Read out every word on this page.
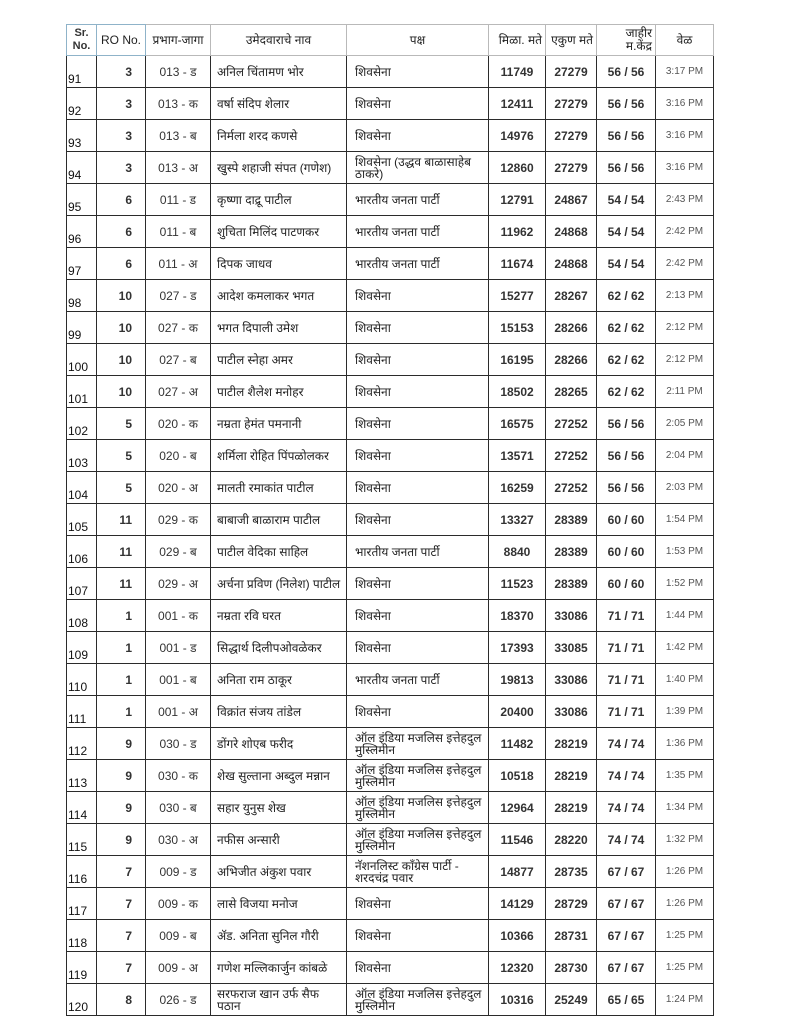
Sr. No.	RO No.	प्रभाग-जागा	उमेदवाराचे नाव	पक्ष	मिळा. मते	एकुण मते	जाहीर म.केंद्र	वेळ
91	3	013 - ड	अनिल चिंतामण भोर	शिवसेना	11749	27279	56 / 56	3:17 PM
92	3	013 - क	वर्षा संदिप शेलार	शिवसेना	12411	27279	56 / 56	3:16 PM
93	3	013 - ब	निर्मला शरद कणसे	शिवसेना	14976	27279	56 / 56	3:16 PM
94	3	013 - अ	खुस्पे शहाजी संपत (गणेश)	शिवसेना (उद्धव बाळासाहेब ठाकरे)	12860	27279	56 / 56	3:16 PM
95	6	011 - ड	कृष्णा दाद्रू पाटील	भारतीय जनता पार्टी	12791	24867	54 / 54	2:43 PM
96	6	011 - ब	शुचिता मिलिंद पाटणकर	भारतीय जनता पार्टी	11962	24868	54 / 54	2:42 PM
97	6	011 - अ	दिपक जाधव	भारतीय जनता पार्टी	11674	24868	54 / 54	2:42 PM
98	10	027 - ड	आदेश कमलाकर भगत	शिवसेना	15277	28267	62 / 62	2:13 PM
99	10	027 - क	भगत दिपाली उमेश	शिवसेना	15153	28266	62 / 62	2:12 PM
100	10	027 - ब	पाटील स्नेहा अमर	शिवसेना	16195	28266	62 / 62	2:12 PM
101	10	027 - अ	पाटील शैलेश मनोहर	शिवसेना	18502	28265	62 / 62	2:11 PM
102	5	020 - क	नम्रता हेमंत पमनानी	शिवसेना	16575	27252	56 / 56	2:05 PM
103	5	020 - ब	शर्मिला रोहित पिंपळोलकर	शिवसेना	13571	27252	56 / 56	2:04 PM
104	5	020 - अ	मालती रमाकांत पाटील	शिवसेना	16259	27252	56 / 56	2:03 PM
105	11	029 - क	बाबाजी बाळाराम पाटील	शिवसेना	13327	28389	60 / 60	1:54 PM
106	11	029 - ब	पाटील वेदिका साहिल	भारतीय जनता पार्टी	8840	28389	60 / 60	1:53 PM
107	11	029 - अ	अर्चना प्रविण (निलेश) पाटील	शिवसेना	11523	28389	60 / 60	1:52 PM
108	1	001 - क	नम्रता रवि घरत	शिवसेना	18370	33086	71 / 71	1:44 PM
109	1	001 - ड	सिद्धार्थ दिलीपओवळेकर	शिवसेना	17393	33085	71 / 71	1:42 PM
110	1	001 - ब	अनिता राम ठाकूर	भारतीय जनता पार्टी	19813	33086	71 / 71	1:40 PM
111	1	001 - अ	विक्रांत संजय तांडेल	शिवसेना	20400	33086	71 / 71	1:39 PM
112	9	030 - ड	डोंगरे शोएब फरीद	ऑल इंडिया मजलिस इत्तेहदुल मुस्लिमीन	11482	28219	74 / 74	1:36 PM
113	9	030 - क	शेख सुल्ताना अब्दुल मन्नान	ऑल इंडिया मजलिस इत्तेहदुल मुस्लिमीन	10518	28219	74 / 74	1:35 PM
114	9	030 - ब	सहार युनुस शेख	ऑल इंडिया मजलिस इत्तेहदुल मुस्लिमीन	12964	28219	74 / 74	1:34 PM
115	9	030 - अ	नफीस अन्सारी	ऑल इंडिया मजलिस इत्तेहदुल मुस्लिमीन	11546	28220	74 / 74	1:32 PM
116	7	009 - ड	अभिजीत अंकुश पवार	नॅशनलिस्ट कॉंग्रेस पार्टी - शरदचंद्र पवार	14877	28735	67 / 67	1:26 PM
117	7	009 - क	लासे विजया मनोज	शिवसेना	14129	28729	67 / 67	1:26 PM
118	7	009 - ब	ॲड. अनिता सुनिल गौरी	शिवसेना	10366	28731	67 / 67	1:25 PM
119	7	009 - अ	गणेश मल्लिकार्जुन कांबळे	शिवसेना	12320	28730	67 / 67	1:25 PM
120	8	026 - ड	सरफराज खान उर्फ सैफ पठान	ऑल इंडिया मजलिस इत्तेहदुल मुस्लिमीन	10316	25249	65 / 65	1:24 PM
